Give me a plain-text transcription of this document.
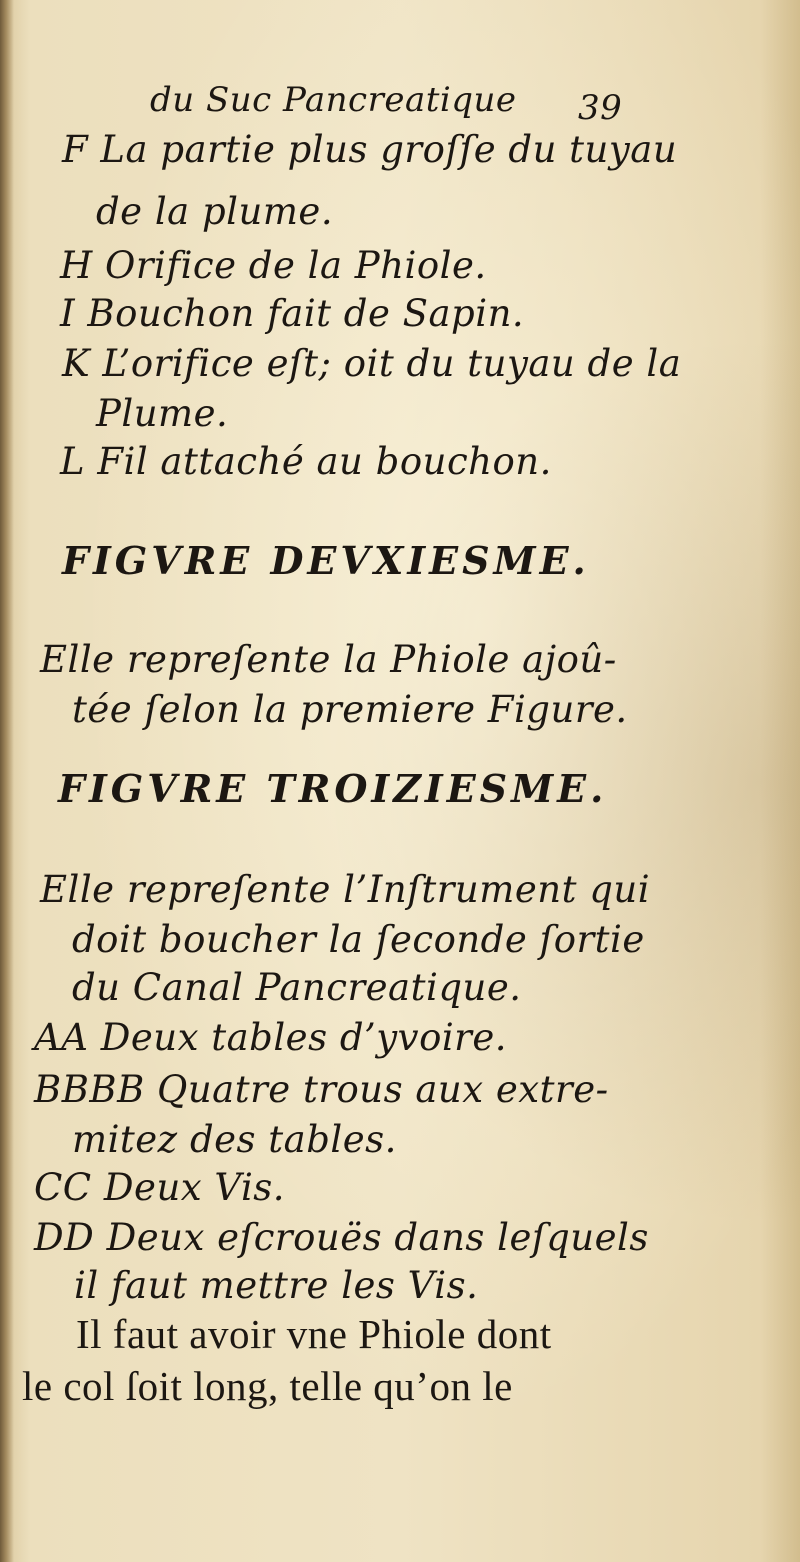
du Suc Pancreatique 39
F La partie plus groſſe du tuyau
de la plume.
H Orifice de la Phiole.
I Bouchon fait de Sapin.
K L’orifice eſt; oit du tuyau de la
Plume.
L Fil attaché au bouchon.
FIGVRE DEVXIESME.
Elle repreſente la Phiole ajoû-
tée ſelon la premiere Figure.
FIGVRE TROIZIESME.
Elle repreſente l’Inſtrument qui
doit boucher la ſeconde ſortie
du Canal Pancreatique.
AA Deux tables d’yvoire.
BBBB Quatre trous aux extre-
mitez des tables.
CC Deux Vis.
DD Deux eſcrouës dans leſquels
il faut mettre les Vis.
Il faut avoir vne Phiole dont
le col ſoit long, telle qu’on le
